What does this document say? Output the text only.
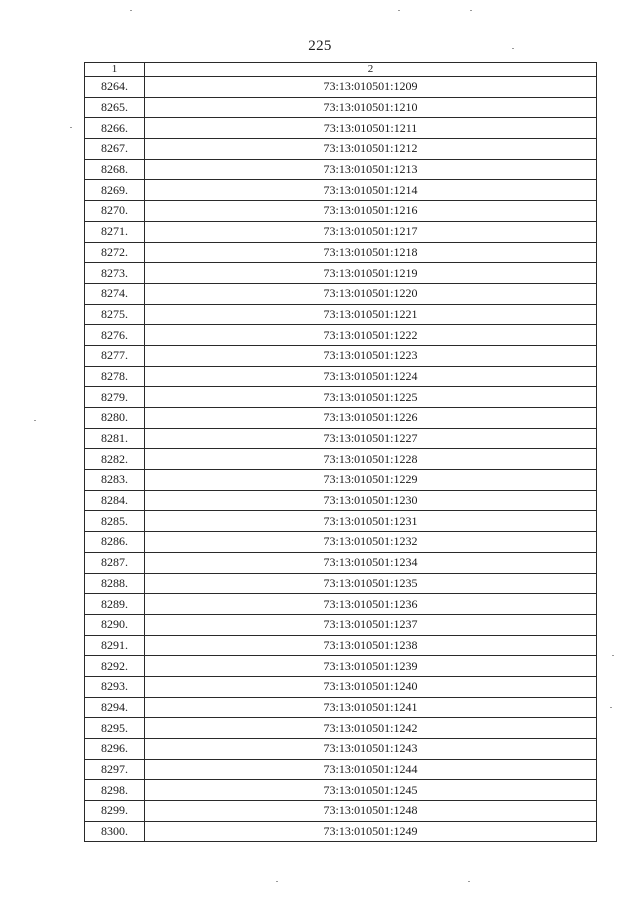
225
1	2
8264.	73:13:010501:1209
8265.	73:13:010501:1210
8266.	73:13:010501:1211
8267.	73:13:010501:1212
8268.	73:13:010501:1213
8269.	73:13:010501:1214
8270.	73:13:010501:1216
8271.	73:13:010501:1217
8272.	73:13:010501:1218
8273.	73:13:010501:1219
8274.	73:13:010501:1220
8275.	73:13:010501:1221
8276.	73:13:010501:1222
8277.	73:13:010501:1223
8278.	73:13:010501:1224
8279.	73:13:010501:1225
8280.	73:13:010501:1226
8281.	73:13:010501:1227
8282.	73:13:010501:1228
8283.	73:13:010501:1229
8284.	73:13:010501:1230
8285.	73:13:010501:1231
8286.	73:13:010501:1232
8287.	73:13:010501:1234
8288.	73:13:010501:1235
8289.	73:13:010501:1236
8290.	73:13:010501:1237
8291.	73:13:010501:1238
8292.	73:13:010501:1239
8293.	73:13:010501:1240
8294.	73:13:010501:1241
8295.	73:13:010501:1242
8296.	73:13:010501:1243
8297.	73:13:010501:1244
8298.	73:13:010501:1245
8299.	73:13:010501:1248
8300.	73:13:010501:1249
